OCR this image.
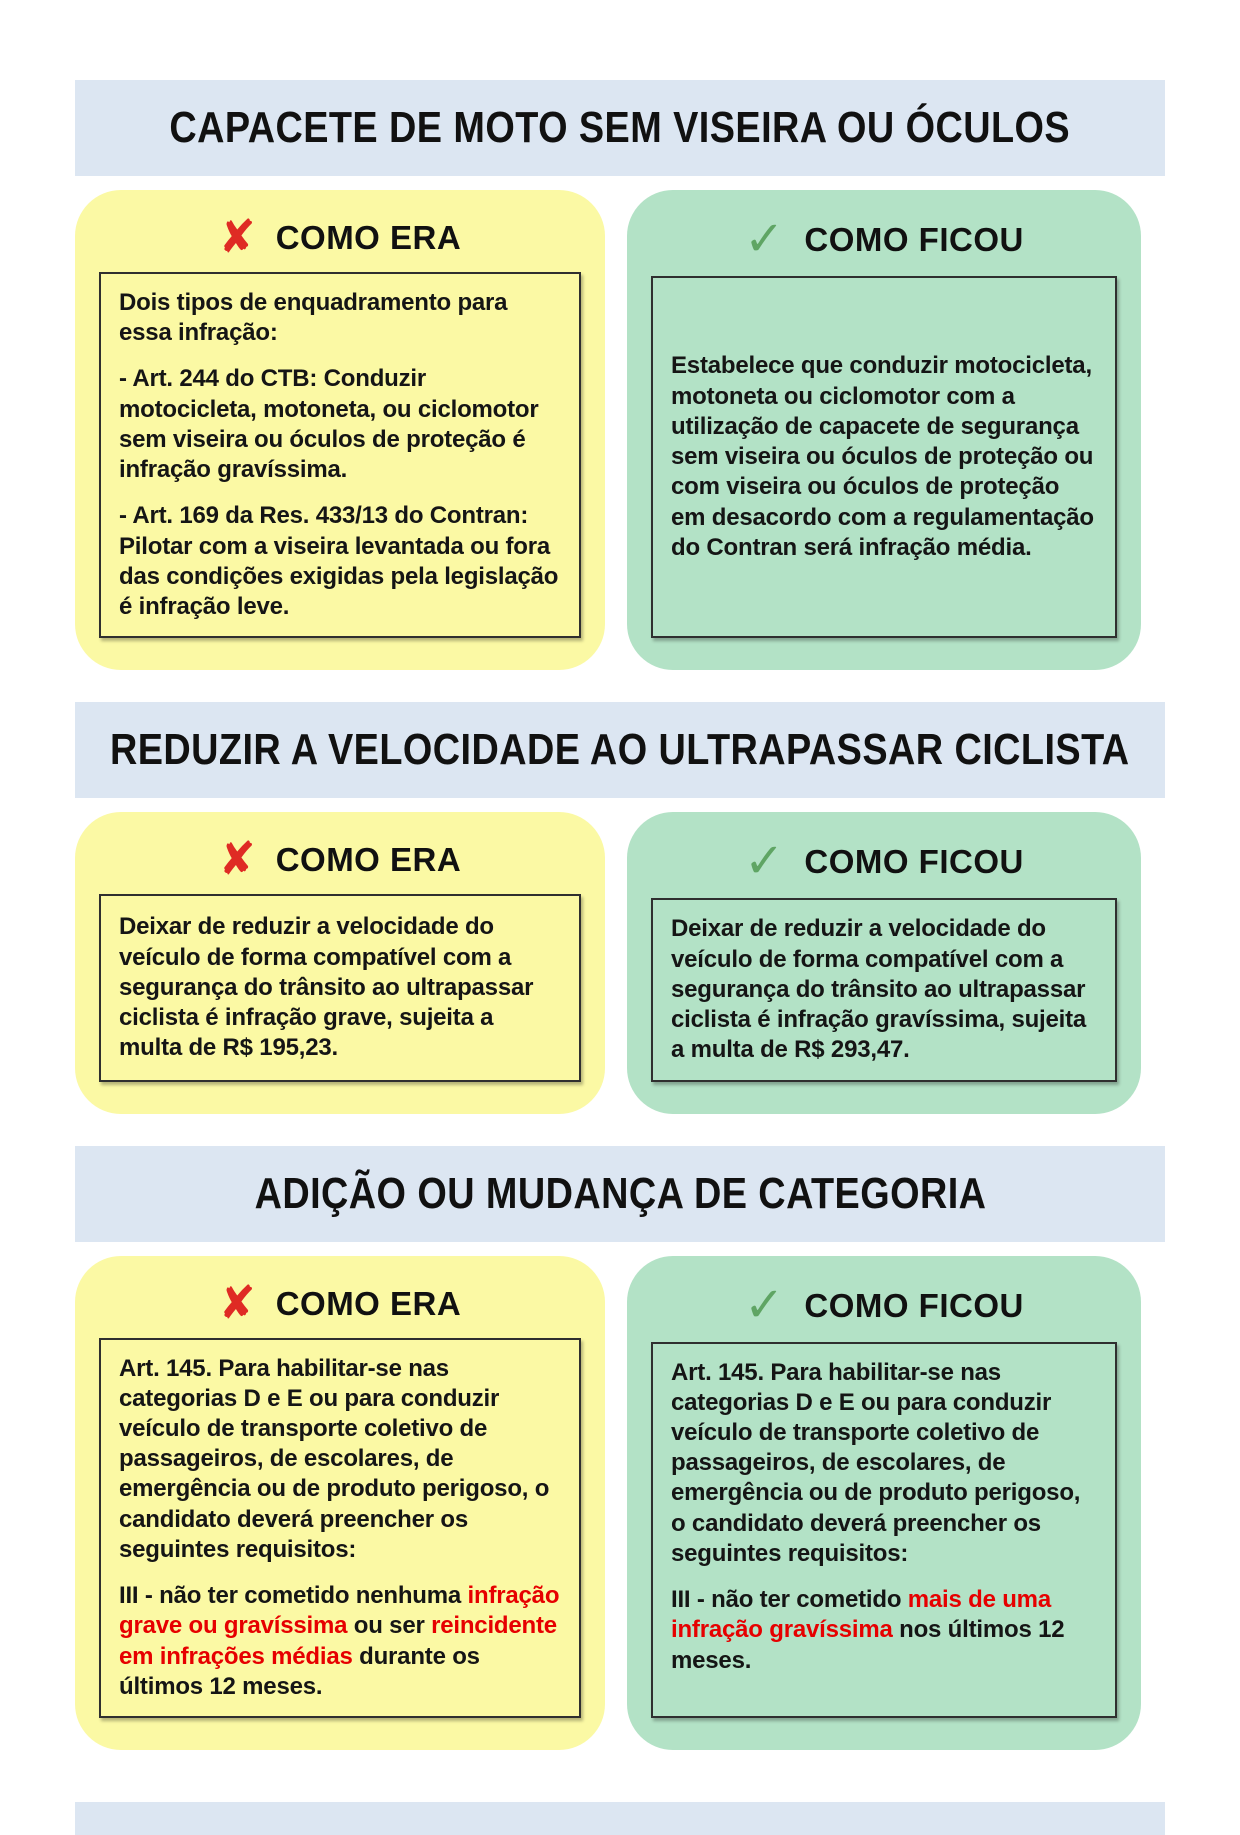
CAPACETE DE MOTO SEM VISEIRA OU ÓCULOS
✘ COMO ERA

Dois tipos de enquadramento para essa infração:

- Art. 244 do CTB: Conduzir motocicleta, motoneta, ou ciclomotor sem viseira ou óculos de proteção é infração gravíssima.

- Art. 169 da Res. 433/13 do Contran: Pilotar com a viseira levantada ou fora das condições exigidas pela legislação é infração leve.

✓ COMO FICOU

Estabelece que conduzir motocicleta, motoneta ou ciclomotor com a utilização de capacete de segurança sem viseira ou óculos de proteção ou com viseira ou óculos de proteção em desacordo com a regulamentação do Contran será infração média.

REDUZIR A VELOCIDADE AO ULTRAPASSAR CICLISTA
✘ COMO ERA

Deixar de reduzir a velocidade do veículo de forma compatível com a segurança do trânsito ao ultrapassar ciclista é infração grave, sujeita a multa de R$ 195,23.

✓ COMO FICOU

Deixar de reduzir a velocidade do veículo de forma compatível com a segurança do trânsito ao ultrapassar ciclista é infração gravíssima, sujeita a multa de R$ 293,47.

ADIÇÃO OU MUDANÇA DE CATEGORIA
✘ COMO ERA

Art. 145. Para habilitar-se nas categorias D e E ou para conduzir veículo de transporte coletivo de passageiros, de escolares, de emergência ou de produto perigoso, o candidato deverá preencher os seguintes requisitos:

III - não ter cometido nenhuma infração grave ou gravíssima ou ser reincidente em infrações médias durante os últimos 12 meses.

✓ COMO FICOU

Art. 145. Para habilitar-se nas categorias D e E ou para conduzir veículo de transporte coletivo de passageiros, de escolares, de emergência ou de produto perigoso, o candidato deverá preencher os seguintes requisitos:

III - não ter cometido mais de uma infração gravíssima nos últimos 12 meses.
